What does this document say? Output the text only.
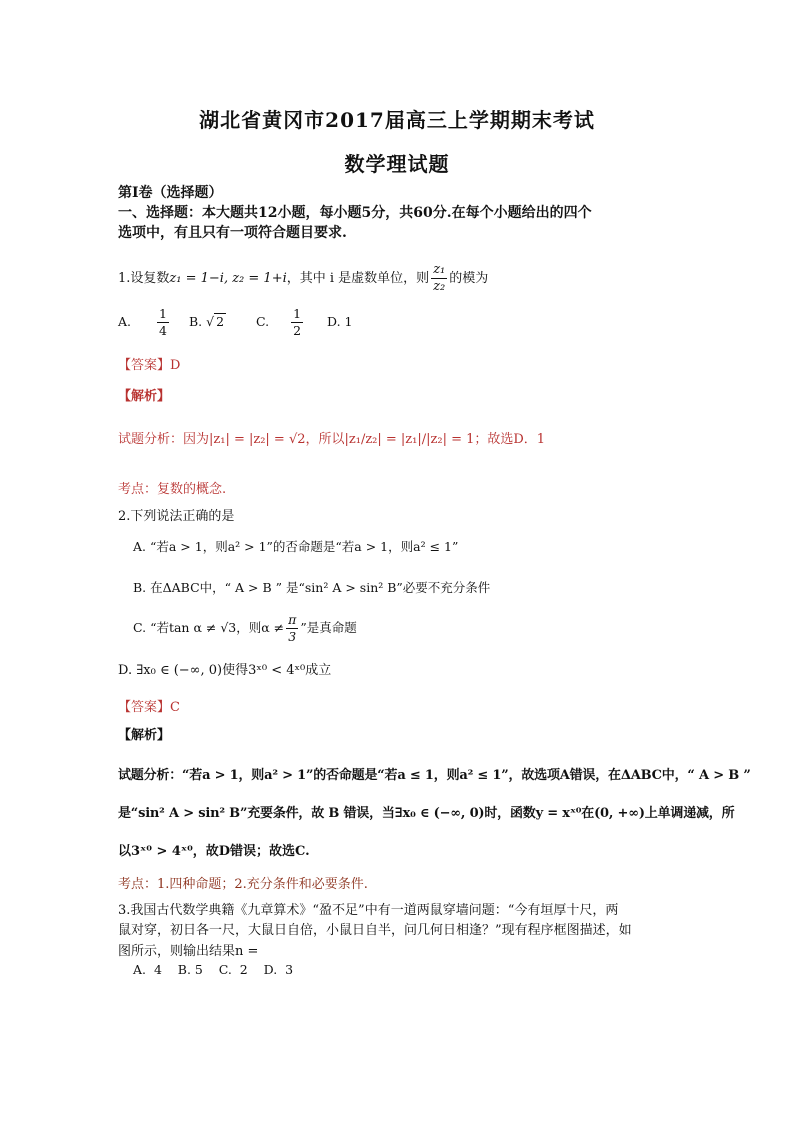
湖北省黄冈市2017届高三上学期期末考试
数学理试题
第Ⅰ卷（选择题）
一、选择题：本大题共12小题，每小题5分，共60分.在每个小题给出的四个
选项中，有且只有一项符合题目要求.
1.设复数z₁ = 1−i, z₂ = 1+i，其中 i 是虚数单位，则 $\frac{\text{z₁}}{\text{z₂}}$ 的模为
A. $\frac{1}{4} B$. √ 2	C. $\frac{1}{2} D$. 1
【答案】D
【解析】
试题分析：因为|z₁| = |z₂| = √2，所以|z₁/z₂| = |z₁|/|z₂| = 1；故选D．1
考点：复数的概念.
2.下列说法正确的是
A. “若a > 1，则a² > 1”的否命题是“若a > 1，则a² ≤ 1”
B. 在ΔABC中，“ A > B ” 是“sin² A > sin² B”必要不充分条件
C. “若tan α ≠ √3，则$\alpha \ne \frac{\pi}{3}$ ”是真命题
D. ∃x₀ ∈ (−∞, 0)使得3ˣ⁰ < 4ˣ⁰成立
【答案】C
【解析】
试题分析：“若a > 1，则a² > 1”的否命题是“若a ≤ 1，则a² ≤ 1”，故选项A错误，在ΔABC中，“ A > B ”
是“sin² A > sin² B”充要条件，故 B 错误，当∃x₀ ∈ (−∞, 0)时，函数y = xˣ⁰在(0, +∞)上单调递减，所
以3ˣ⁰ > 4ˣ⁰，故D错误；故选C.
考点：1.四种命题；2.充分条件和必要条件.
3.我国古代数学典籍《九章算术》“盈不足”中有一道两鼠穿墙问题：“今有垣厚十尺，两
鼠对穿，初日各一尺，大鼠日自倍，小鼠日自半，问几何日相逢？”现有程序框图描述，如
图所示，则输出结果n =
A.  4    B. 5    C.  2    D.  3
